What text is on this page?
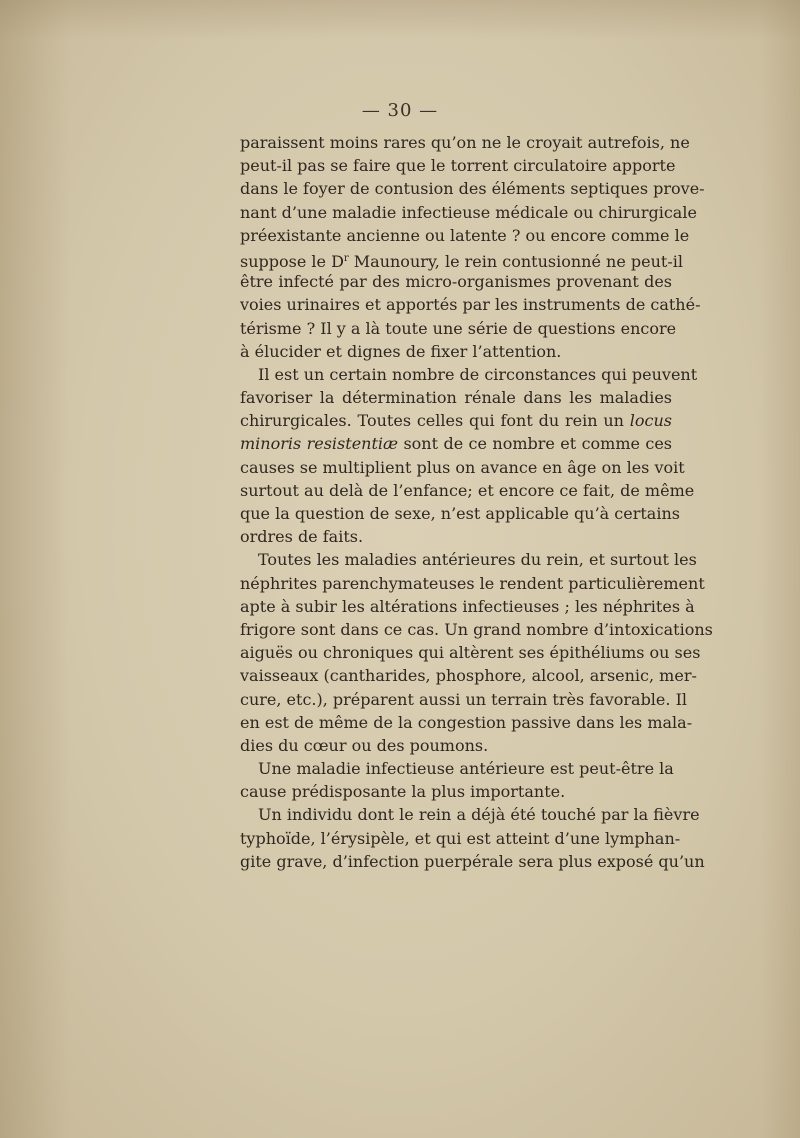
— 30 —
paraissent moins rares qu’on ne le croyait autrefois, ne
peut-il pas se faire que le torrent circulatoire apporte
dans le foyer de contusion des éléments septiques prove-
nant d’une maladie infectieuse médicale ou chirurgicale
préexistante ancienne ou latente ? ou encore comme le
suppose le $D^r$ Maunoury, le rein contusionné ne peut-il
être infecté par des micro-organismes provenant des
voies urinaires et apportés par les instruments de cathé-
térisme ? Il y a là toute une série de questions encore
à élucider et dignes de fixer l’attention.
Il est un certain nombre de circonstances qui peuvent
favoriser la détermination rénale dans les maladies
chirurgicales. Toutes celles qui font du rein un locus
minoris resistentiæ sont de ce nombre et comme ces
causes se multiplient plus on avance en âge on les voit
surtout au delà de l’enfance; et encore ce fait, de même
que la question de sexe, n’est applicable qu’à certains
ordres de faits.
Toutes les maladies antérieures du rein, et surtout les
néphrites parenchymateuses le rendent particulièrement
apte à subir les altérations infectieuses ; les néphrites à
frigore sont dans ce cas. Un grand nombre d’intoxications
aiguës ou chroniques qui altèrent ses épithéliums ou ses
vaisseaux (cantharides, phosphore, alcool, arsenic, mer-
cure, etc.), préparent aussi un terrain très favorable. Il
en est de même de la congestion passive dans les mala-
dies du cœur ou des poumons.
Une maladie infectieuse antérieure est peut-être la
cause prédisposante la plus importante.
Un individu dont le rein a déjà été touché par la fièvre
typhoïde, l’érysipèle, et qui est atteint d’une lymphan-
gite grave, d’infection puerpérale sera plus exposé qu’un
